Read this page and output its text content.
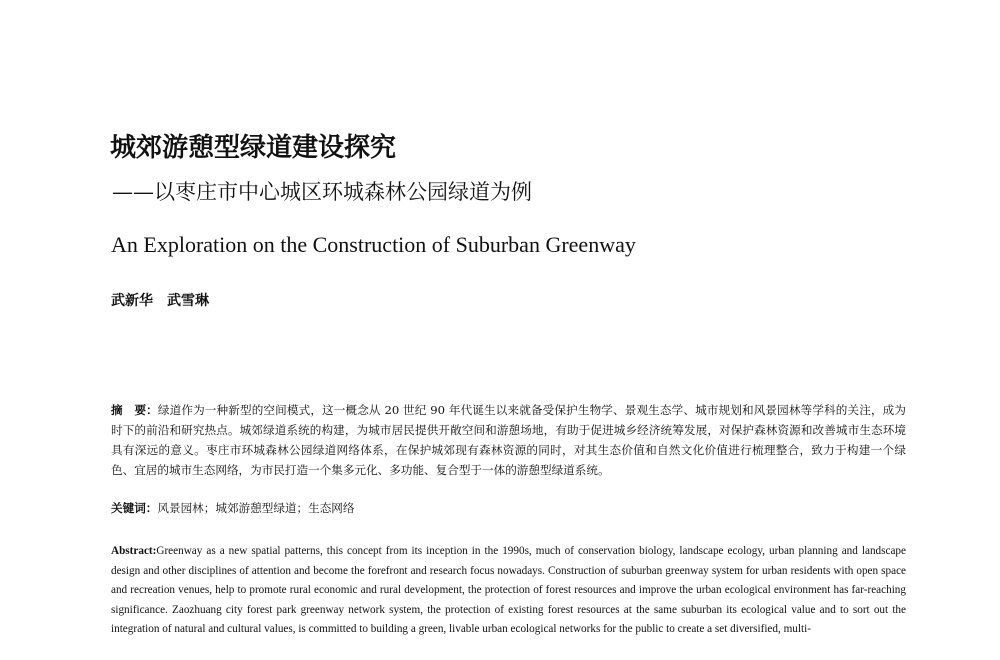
城郊游憩型绿道建设探究
——以枣庄市中心城区环城森林公园绿道为例
An Exploration on the Construction of Suburban Greenway
武新华　武雪琳
摘　要：绿道作为一种新型的空间模式，这一概念从 20 世纪 90 年代诞生以来就备受保护生物学、景观生态学、城市规划和风景园林等学科的关注，成为时下的前沿和研究热点。城郊绿道系统的构建，为城市居民提供开敞空间和游憩场地，有助于促进城乡经济统筹发展，对保护森林资源和改善城市生态环境具有深远的意义。枣庄市环城森林公园绿道网络体系，在保护城郊现有森林资源的同时，对其生态价值和自然文化价值进行梳理整合，致力于构建一个绿色、宜居的城市生态网络，为市民打造一个集多元化、多功能、复合型于一体的游憩型绿道系统。
关键词：风景园林；城郊游憩型绿道；生态网络
Abstract:Greenway as a new spatial patterns, this concept from its inception in the 1990s, much of conservation biology, landscape ecology, urban planning and landscape design and other disciplines of attention and become the forefront and research focus nowadays. Construction of suburban greenway system for urban residents with open space and recreation venues, help to promote rural economic and rural development, the protection of forest resources and improve the urban ecological environment has far-reaching significance. Zaozhuang city forest park greenway network system, the protection of existing forest resources at the same suburban its ecological value and to sort out the integration of natural and cultural values, is committed to building a green, livable urban ecological networks for the public to create a set diversified, multi-
